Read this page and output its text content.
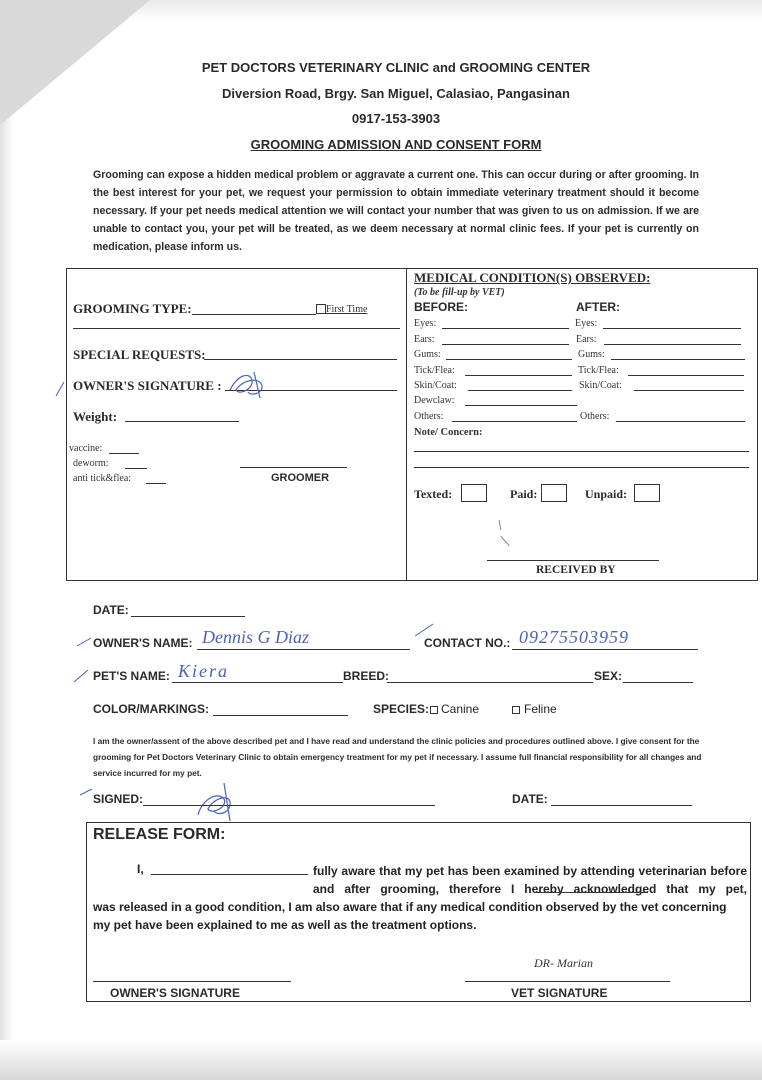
PET DOCTORS VETERINARY CLINIC and GROOMING CENTER
Diversion Road, Brgy. San Miguel, Calasiao, Pangasinan
0917-153-3903
GROOMING ADMISSION AND CONSENT FORM
Grooming can expose a hidden medical problem or aggravate a current one. This can occur during or after grooming. In the best interest for your pet, we request your permission to obtain immediate veterinary treatment should it become necessary. If your pet needs medical attention we will contact your number that was given to us on admission. If we are unable to contact you, your pet will be treated, as we deem necessary at normal clinic fees. If your pet is currently on medication, please inform us.
GROOMING TYPE:	First Time
SPECIAL REQUESTS:
OWNER'S SIGNATURE :
Weight:
vaccine:
deworm:
anti tick&flea:	GROOMER
MEDICAL CONDITION(S) OBSERVED:
(To be fill-up by VET)
BEFORE:	AFTER:
Eyes:	Eyes:
Ears:	Ears:
Gums:	Gums:
Tick/Flea:	Tick/Flea:
Skin/Coat:	Skin/Coat:
Dewclaw:
Others:	Others:
Note/ Concern:
Texted:	Paid:	Unpaid:
RECEIVED BY
DATE:
OWNER'S NAME: Dennis G Diaz	CONTACT NO.: 09275503959
PET'S NAME: Kiera	BREED:	SEX:
COLOR/MARKINGS:	SPECIES: Canine	Feline
I am the owner/assent of the above described pet and I have read and understand the clinic policies and procedures outlined above. I give consent for the grooming for Pet Doctors Veterinary Clinic to obtain emergency treatment for my pet if necessary. I assume full financial responsibility for all changes and service incurred for my pet.
SIGNED:	DATE:
RELEASE FORM:
I,	fully aware that my pet has been examined by attending veterinarian before and after grooming, therefore I hereby acknowledged that my pet,
was released in a good condition, I am also aware that if any medical condition observed by the vet concerning my pet have been explained to me as well as the treatment options.
OWNER'S SIGNATURE
DR- Marian
VET SIGNATURE
